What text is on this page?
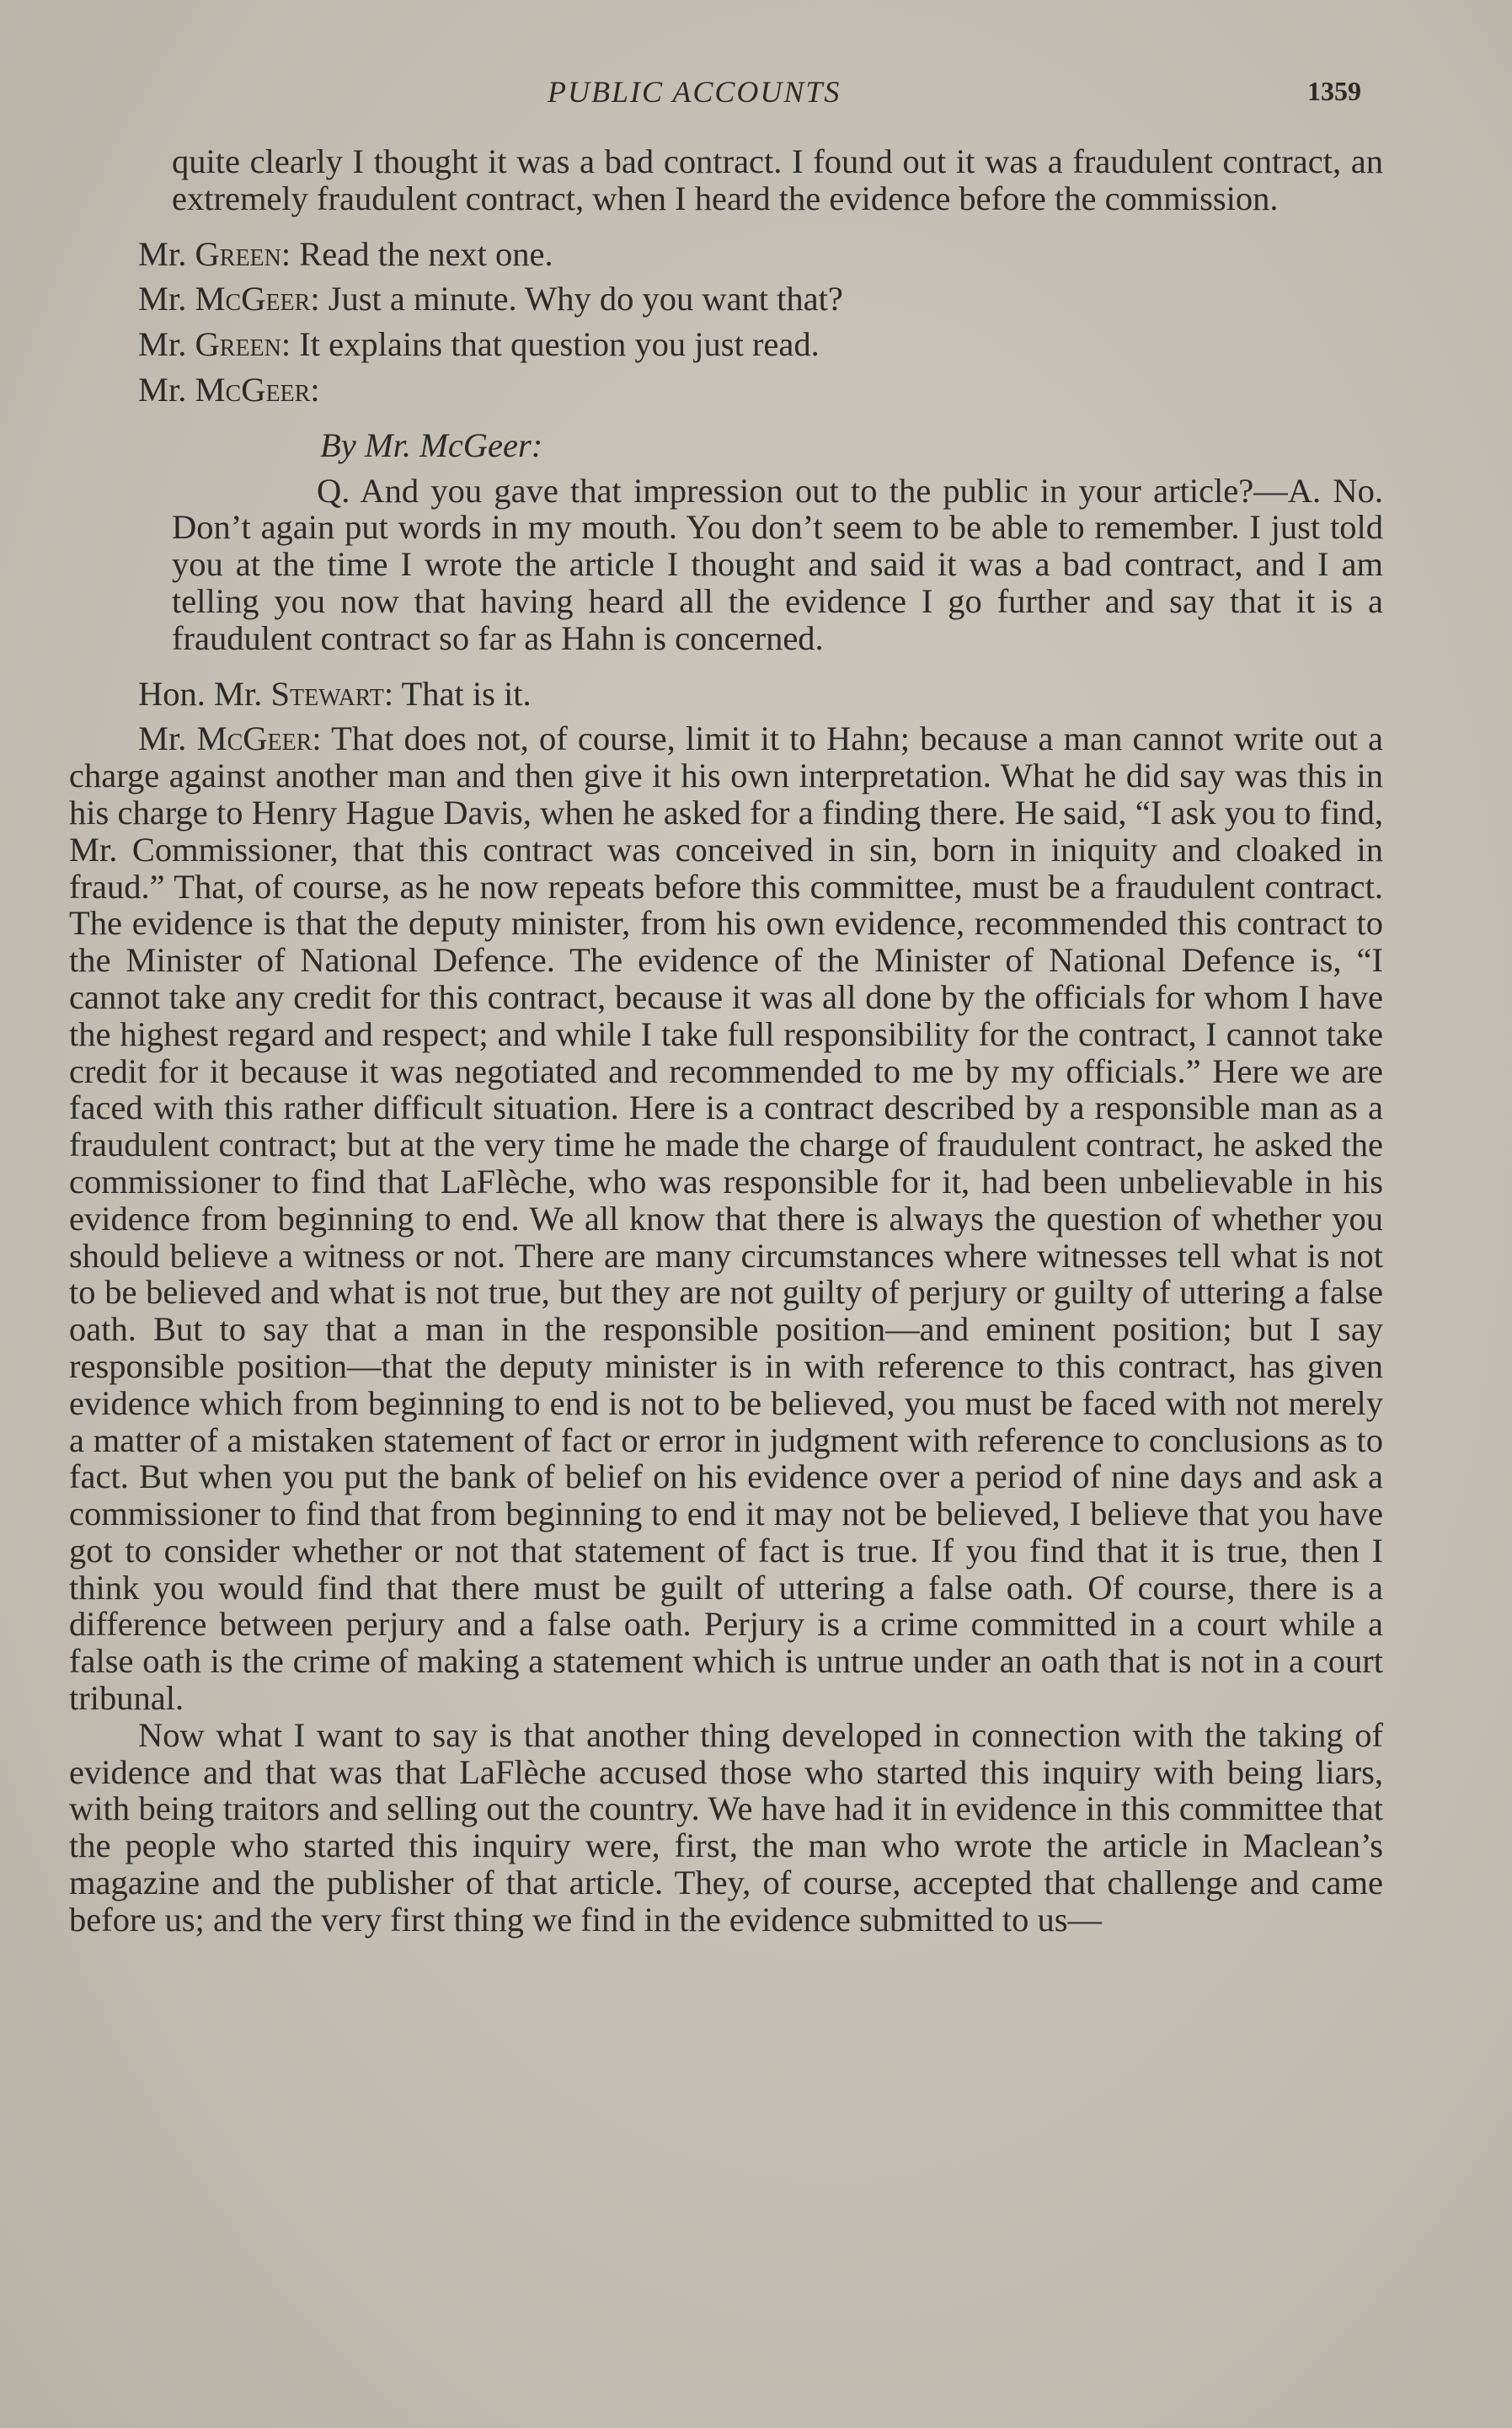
PUBLIC ACCOUNTS	1359

quite clearly I thought it was a bad contract. I found out it was a fraudulent contract, an extremely fraudulent contract, when I heard the evidence before the commission.

Mr. Green: Read the next one.

Mr. McGeer: Just a minute. Why do you want that?

Mr. Green: It explains that question you just read.

Mr. McGeer:

By Mr. McGeer:

Q. And you gave that impression out to the public in your article?—A. No. Don’t again put words in my mouth. You don’t seem to be able to remember. I just told you at the time I wrote the article I thought and said it was a bad contract, and I am telling you now that having heard all the evidence I go further and say that it is a fraudulent contract so far as Hahn is concerned.

Hon. Mr. Stewart: That is it.

Mr. McGeer: That does not, of course, limit it to Hahn; because a man cannot write out a charge against another man and then give it his own interpretation. What he did say was this in his charge to Henry Hague Davis, when he asked for a finding there. He said, “I ask you to find, Mr. Commissioner, that this contract was conceived in sin, born in iniquity and cloaked in fraud.” That, of course, as he now repeats before this committee, must be a fraudulent contract. The evidence is that the deputy minister, from his own evidence, recommended this contract to the Minister of National Defence. The evidence of the Minister of National Defence is, “I cannot take any credit for this contract, because it was all done by the officials for whom I have the highest regard and respect; and while I take full responsibility for the contract, I cannot take credit for it because it was negotiated and recommended to me by my officials.” Here we are faced with this rather difficult situation. Here is a contract described by a responsible man as a fraudulent contract; but at the very time he made the charge of fraudulent contract, he asked the commissioner to find that LaFlèche, who was responsible for it, had been unbelievable in his evidence from beginning to end. We all know that there is always the question of whether you should believe a witness or not. There are many circumstances where witnesses tell what is not to be believed and what is not true, but they are not guilty of perjury or guilty of uttering a false oath. But to say that a man in the responsible position—and eminent position; but I say responsible position—that the deputy minister is in with reference to this contract, has given evidence which from beginning to end is not to be believed, you must be faced with not merely a matter of a mistaken statement of fact or error in judgment with reference to conclusions as to fact. But when you put the bank of belief on his evidence over a period of nine days and ask a commissioner to find that from beginning to end it may not be believed, I believe that you have got to consider whether or not that statement of fact is true. If you find that it is true, then I think you would find that there must be guilt of uttering a false oath. Of course, there is a difference between perjury and a false oath. Perjury is a crime committed in a court while a false oath is the crime of making a statement which is untrue under an oath that is not in a court tribunal.

Now what I want to say is that another thing developed in connection with the taking of evidence and that was that LaFlèche accused those who started this inquiry with being liars, with being traitors and selling out the country. We have had it in evidence in this committee that the people who started this inquiry were, first, the man who wrote the article in Maclean’s magazine and the publisher of that article. They, of course, accepted that challenge and came before us; and the very first thing we find in the evidence submitted to us—
